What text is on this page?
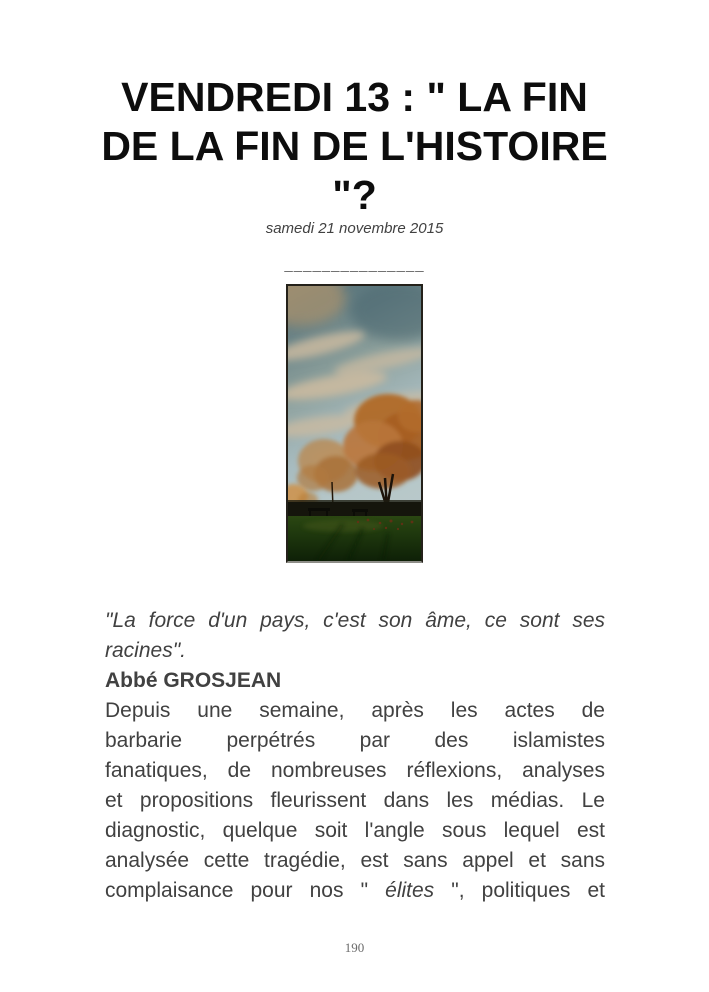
VENDREDI 13 : " LA FIN
DE LA FIN DE L'HISTOIRE
"?
samedi 21 novembre 2015
_______________
"La force d'un pays, c'est son âme, ce sont ses
racines".
Abbé GROSJEAN
Depuis une semaine, après les actes de
barbarie perpétrés par des islamistes
fanatiques, de nombreuses réflexions, analyses
et propositions fleurissent dans les médias. Le
diagnostic, quelque soit l'angle sous lequel est
analysée cette tragédie, est sans appel et sans
complaisance pour nos " élites ", politiques et
190
